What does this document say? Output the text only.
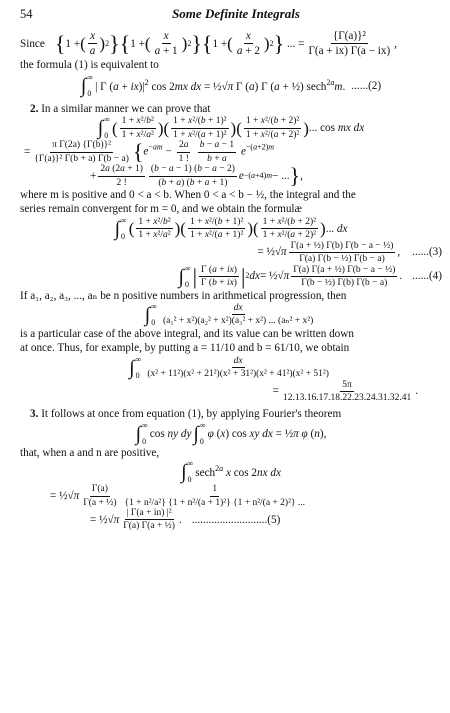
54	Some Definite Integrals
Since { 1 + ( x
a ) 2 } { 1 + ( x
a + 1 ) 2 } { 1 + ( x
a + 2 ) 2 } ... = $\frac{\text{\{Γ(a)\}²}}{\Gamma(a + ix) \Gamma(a - ix)}$ ,
the formula (1) is equivalent to
∫ ∞
0
| Γ $(a + ix)|^2$ cos 2mx dx = ½√π Γ (a) Γ (a + ½) sech$^{2a}$m. ......(2)
2. In a similar manner we can prove that
∫ ∞
0 ( 1 + x²/b²
1 + x²/a² ) ( 1 + x²/(b + 1)²
1 + x²/(a + 1)² ) ( 1 + x²/(b + 2)²
1 + x²/(a + 2)² ) ... cos mx dx
= $\frac{\text{π Γ(2a) \{Γ(b)\}²}}{\text{\{Γ(a)\}² Γ(b + a) Γ(b − a)}}$ { $e^{-am} - \frac{2a}{1 !}$
$\frac{b - a - 1}{b + a} e^{-(a+2)m}$
+
2a (2a + 1)
2 !
(b − a − 1) (b − a − 2)
(b + a) (b + a + 1)
e −(a+4)m − ... } ,
where m is positive and 0 < a < b. When 0 < a < b − ½, the integral and the
series remain convergent for m = 0, and we obtain the formulæ
∫ ∞
0 ( 1 + x²/b²
1 + x²/a² ) ( 1 + x²/(b + 1)²
1 + x²/(a + 1)² ) ( 1 + x²/(b + 2)²
1 + x²/(a + 2)² ) ... dx
= ½√ π $\frac{\text{Γ(a + ½) Γ(b) Γ(b − a − ½)}}{\text{Γ(a) Γ(b − ½) Γ(b − a)}}$ , ......(3)
∫ ∞
0 | Γ (a + ix)
Γ (b + ix) | 2 dx = ½√ π $\frac{\text{Γ(a) Γ(a + ½) Γ(b − a − ½)}}{\text{Γ(b − ½) Γ(b) Γ(b − a)}}$ . ......(4)
If a₁, a₂, a₃, ..., aₙ be n positive numbers in arithmetical progression, then
∫ ∞
0
dx
(a₁² + x²)(a₂² + x²)(a₃² + x²) ... (aₙ² + x²)
is a particular case of the above integral, and its value can be written down
at once. Thus, for example, by putting a = 11/10 and b = 61/10, we obtain
∫ ∞
0
dx
(x² + 11²)(x² + 21²)(x² + 31²)(x² + 41²)(x² + 51²)
= $\frac{5\pi}{12.13.16.17.18.22.23.24.31.32.41}$ .
3. It follows at once from equation (1), by applying Fourier's theorem
∫ ∞
0
cos ny dy ∫ ∞
0
φ (x) cos xy dx = ½π φ (n),
that, when a and n are positive,
∫ ∞
0
sech$^{2a}$ x cos 2nx dx
= ½√ π $\frac{\Gamma(a)}{\text{Γ(a + ½)}}$	1
{1 + n²/a²} {1 + n²/(a + 1)²} {1 + n²/(a + 2)²} ...
= ½√ π $\frac{\text{| Γ(a + in) |²}}{\text{Γ(a) Γ(a + ½)}}$ . ........................... (5)
